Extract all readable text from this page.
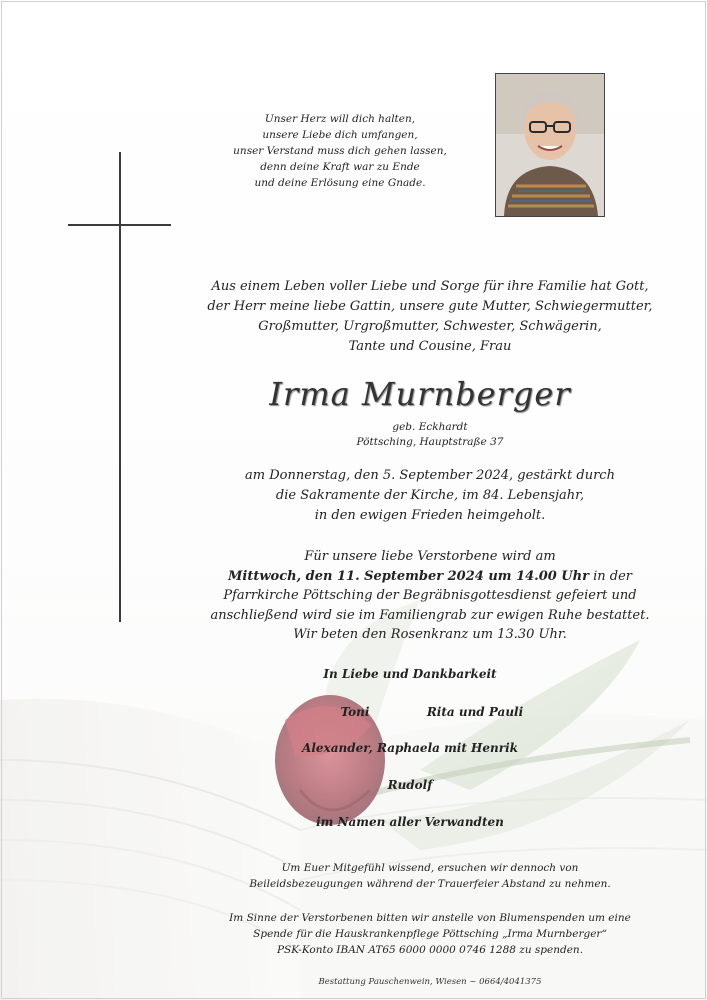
Unser Herz will dich halten,
unsere Liebe dich umfangen,
unser Verstand muss dich gehen lassen,
denn deine Kraft war zu Ende
und deine Erlösung eine Gnade.
Aus einem Leben voller Liebe und Sorge für ihre Familie hat Gott,
der Herr meine liebe Gattin, unsere gute Mutter, Schwiegermutter,
Großmutter, Urgroßmutter, Schwester, Schwägerin,
Tante und Cousine, Frau
Irma Murnberger
geb. Eckhardt
Pöttsching, Hauptstraße 37
am Donnerstag, den 5. September 2024, gestärkt durch
die Sakramente der Kirche, im 84. Lebensjahr,
in den ewigen Frieden heimgeholt.
Für unsere liebe Verstorbene wird am
Mittwoch, den 11. September 2024 um 14.00 Uhr in der
Pfarrkirche Pöttsching der Begräbnisgottesdienst gefeiert und
anschließend wird sie im Familiengrab zur ewigen Ruhe bestattet.
Wir beten den Rosenkranz um 13.30 Uhr.
In Liebe und Dankbarkeit
Toni	Rita und Pauli
Alexander, Raphaela mit Henrik
Rudolf
im Namen aller Verwandten
Um Euer Mitgefühl wissend, ersuchen wir dennoch von
Beileidsbezeugungen während der Trauerfeier Abstand zu nehmen.
Im Sinne der Verstorbenen bitten wir anstelle von Blumenspenden um eine
Spende für die Hauskrankenpflege Pöttsching „Irma Murnberger“
PSK-Konto IBAN AT65 6000 0000 0746 1288 zu spenden.
Bestattung Pauschenwein, Wiesen ~ 0664/4041375
